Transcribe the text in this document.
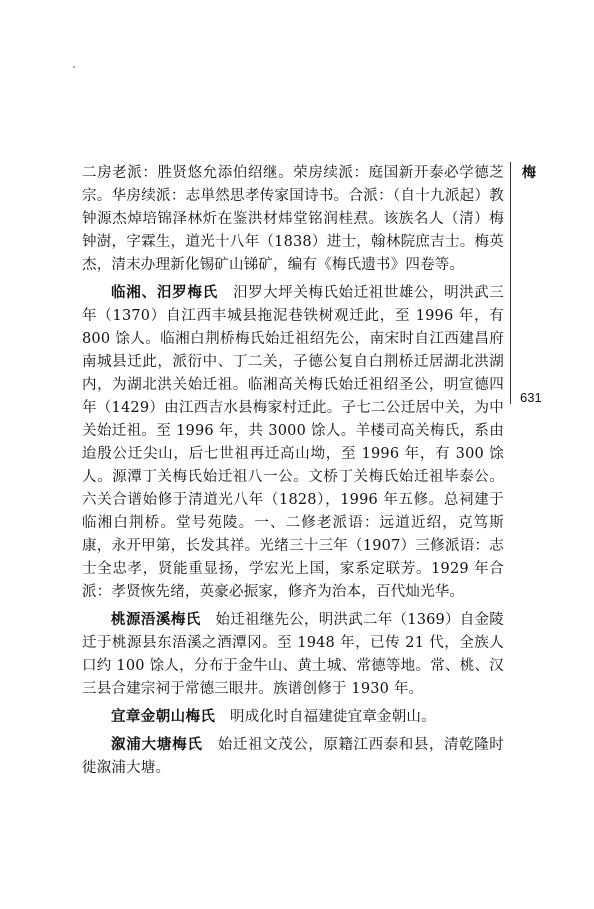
二房老派：胜贤悠允添伯绍继。荣房续派：庭国新开泰必学德芝宗。华房续派：志単然思孝传家国诗书。合派：（自十九派起）教钟源杰焯培锦泽林炘在鉴洪材炜堂铭润桂焄。该族名人（清）梅钟澍，字霖生，道光十八年（1838）进士，翰林院庶吉士。梅英杰，清末办理新化锡矿山锑矿，编有《梅氏遗书》四卷等。

临湘、汨罗梅氏  汨罗大坪关梅氏始迁祖世雄公，明洪武三年（1370）自江西丰城县拖泥巷铁树观迁此，至 1996 年，有 800 馀人。临湘白荆桥梅氏始迁祖绍先公，南宋时自江西建昌府南城县迁此，派衍中、丁二关，子德公复自白荆桥迁居湖北洪湖内，为湖北洪关始迁祖。临湘高关梅氏始迁祖绍圣公，明宣德四年（1429）由江西吉水县梅家村迁此。子七二公迁居中关，为中关始迁祖。至 1996 年，共 3000 馀人。羊楼司高关梅氏，系由迨殷公迁尖山，后七世祖再迁高山坳，至 1996 年，有 300 馀人。源潭丁关梅氏始迁祖八一公。文桥丁关梅氏始迁祖毕泰公。六关合谱始修于清道光八年（1828），1996 年五修。总祠建于临湘白荆桥。堂号苑陵。一、二修老派语：远道近绍，克笃斯康，永开甲第，长发其祥。光绪三十三年（1907）三修派语：志士全忠孝，贤能重显扬，学宏光上国，家系定联芳。1929 年合派：孝贤恢先绪，英豪必振家，修齐为治本，百代灿光华。

桃源浯溪梅氏  始迁祖继先公，明洪武二年（1369）自金陵迁于桃源县东浯溪之酒潭冈。至 1948 年，已传 21 代，全族人口约 100 馀人，分布于金牛山、黄土城、常德等地。常、桃、汉三县合建宗祠于常德三眼井。族谱创修于 1930 年。

宜章金朝山梅氏  明成化时自福建徙宜章金朝山。

溆浦大塘梅氏  始迁祖文茂公，原籍江西泰和县，清乾隆时徙溆浦大塘。

梅
631
